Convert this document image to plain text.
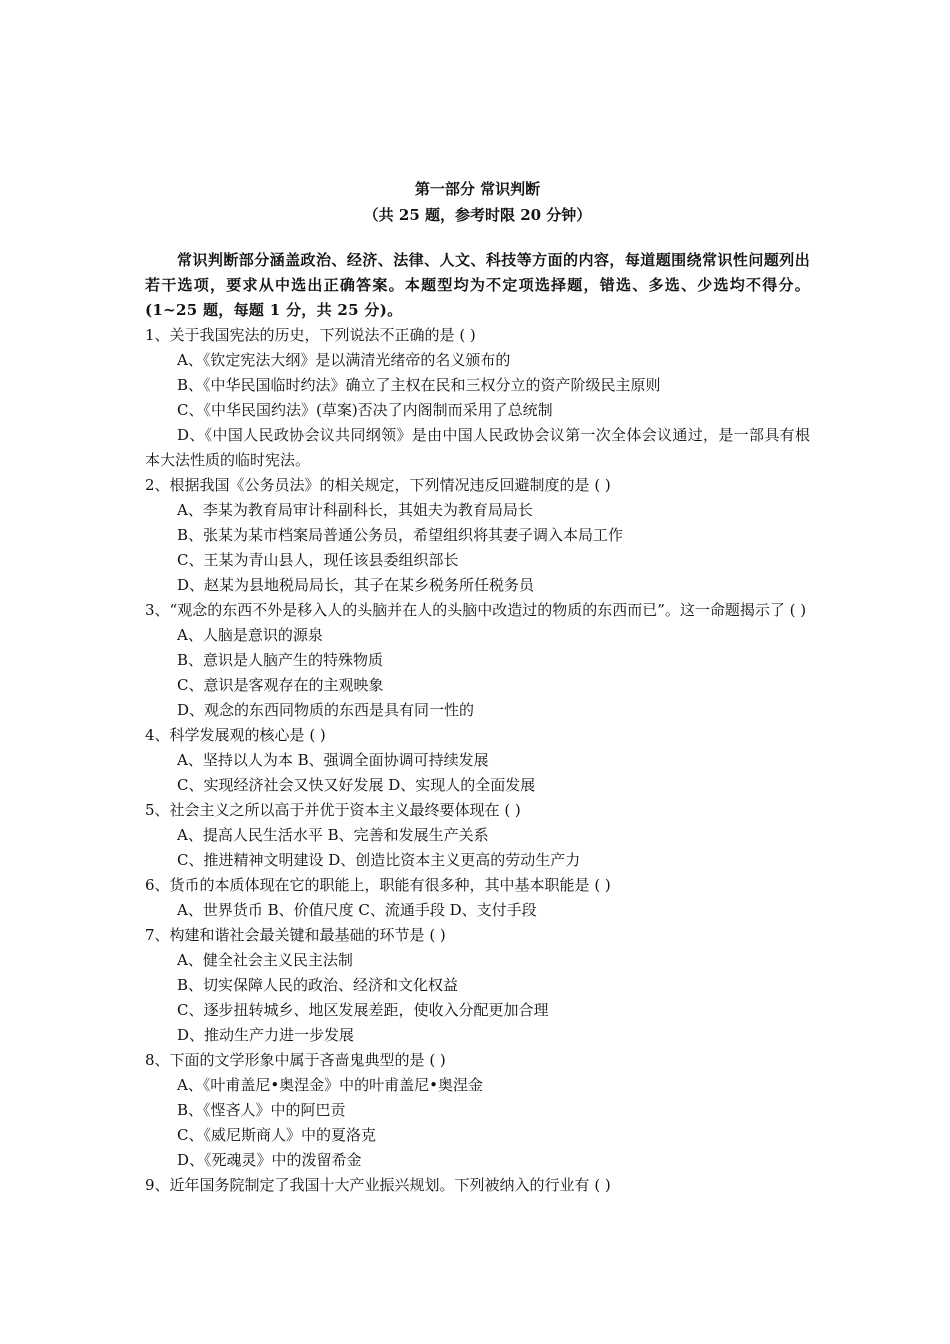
第一部分 常识判断
（共 25 题，参考时限 20 分钟）
常识判断部分涵盖政治、经济、法律、人文、科技等方面的内容，每道题围绕常识性问题列出若干选项，要求从中选出正确答案。本题型均为不定项选择题，错选、多选、少选均不得分。(1~25 题，每题 1 分，共 25 分)。
1、关于我国宪法的历史，下列说法不正确的是 ( )
A、《钦定宪法大纲》是以满清光绪帝的名义颁布的
B、《中华民国临时约法》确立了主权在民和三权分立的资产阶级民主原则
C、《中华民国约法》(草案)否决了内阁制而采用了总统制
D、《中国人民政协会议共同纲领》是由中国人民政协会议第一次全体会议通过，是一部具有根本大法性质的临时宪法。
2、根据我国《公务员法》的相关规定，下列情况违反回避制度的是 ( )
A、李某为教育局审计科副科长，其姐夫为教育局局长
B、张某为某市档案局普通公务员，希望组织将其妻子调入本局工作
C、王某为青山县人，现任该县委组织部长
D、赵某为县地税局局长，其子在某乡税务所任税务员
3、“观念的东西不外是移入人的头脑并在人的头脑中改造过的物质的东西而已”。这一命题揭示了 ( )
A、人脑是意识的源泉
B、意识是人脑产生的特殊物质
C、意识是客观存在的主观映象
D、观念的东西同物质的东西是具有同一性的
4、科学发展观的核心是 ( )
A、坚持以人为本 B、强调全面协调可持续发展
C、实现经济社会又快又好发展 D、实现人的全面发展
5、社会主义之所以高于并优于资本主义最终要体现在 ( )
A、提高人民生活水平 B、完善和发展生产关系
C、推进精神文明建设 D、创造比资本主义更高的劳动生产力
6、货币的本质体现在它的职能上，职能有很多种，其中基本职能是 ( )
A、世界货币 B、价值尺度 C、流通手段 D、支付手段
7、构建和谐社会最关键和最基础的环节是 ( )
A、健全社会主义民主法制
B、切实保障人民的政治、经济和文化权益
C、逐步扭转城乡、地区发展差距，使收入分配更加合理
D、推动生产力进一步发展
8、下面的文学形象中属于吝啬鬼典型的是 ( )
A、《叶甫盖尼•奥涅金》中的叶甫盖尼•奥涅金
B、《悭吝人》中的阿巴贡
C、《威尼斯商人》中的夏洛克
D、《死魂灵》中的泼留希金
9、近年国务院制定了我国十大产业振兴规划。下列被纳入的行业有 ( )
